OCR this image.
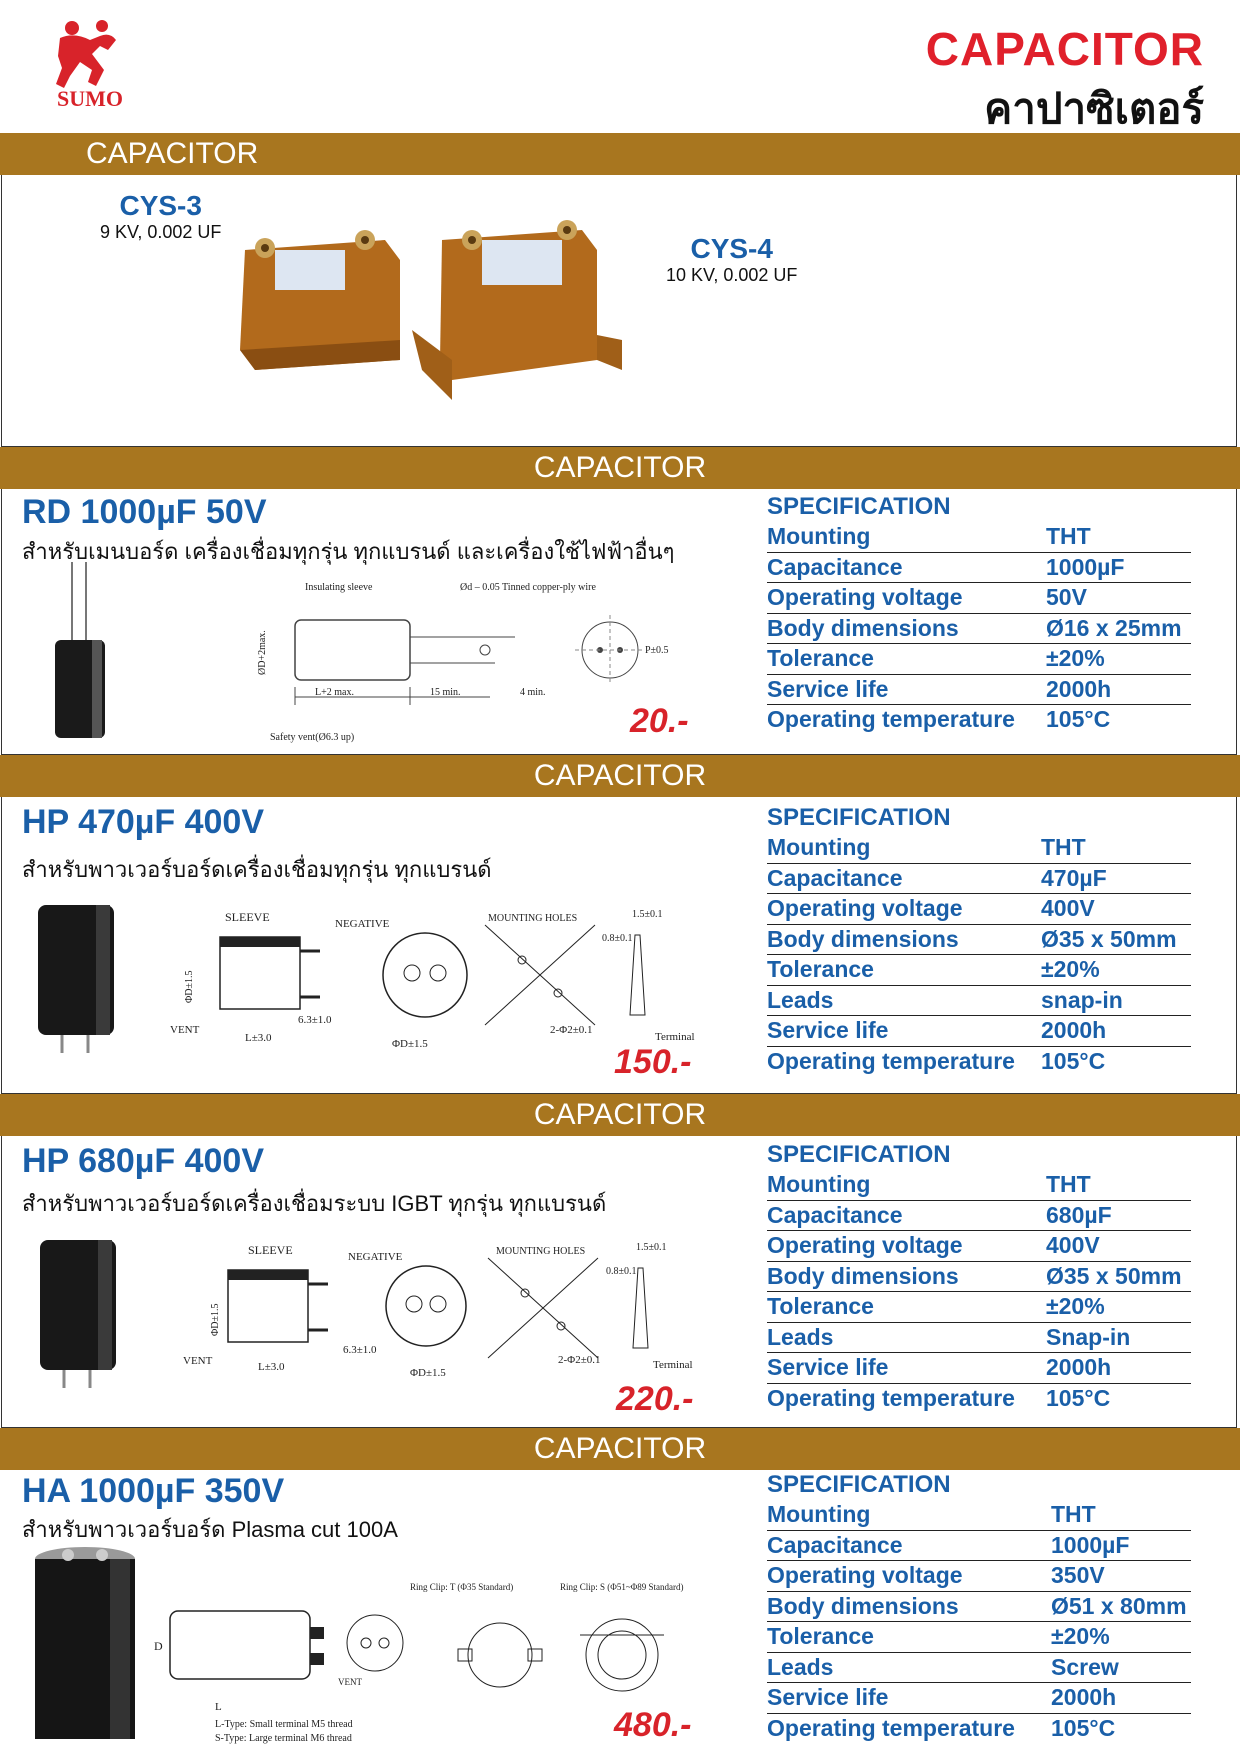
SUMO
CAPACITOR
คาปาซิเตอร์
CAPACITOR
CYS-3
9 KV, 0.002 UF
CYS-4
10 KV, 0.002 UF
CAPACITOR
RD 1000µF 50V
สำหรับเมนบอร์ด เครื่องเชื่อมทุกรุ่น ทุกแบรนด์ และเครื่องใช้ไฟฟ้าอื่นๆ
Insulating sleeve	Ød – 0.05 Tinned copper-ply wire
L+2 max.	15 min.	4 min.
Safety vent(Ø6.3 up)
P±0.5
ØD+2max.
20.-
SPECIFICATION
Mounting	THT
Capacitance	1000µF
Operating voltage	50V
Body dimensions	Ø16 x 25mm
Tolerance	±20%
Service life	2000h
Operating temperature 105°C
CAPACITOR
HP 470µF 400V
สำหรับพาวเวอร์บอร์ดเครื่องเชื่อมทุกรุ่น ทุกแบรนด์
SLEEVE	NEGATIVE	MOUNTING HOLES
VENT
L±3.0
6.3±1.0
ΦD±1.5
2-Φ2±0.1
Terminal
1.5±0.1
0.8±0.1
ΦD±1.5
150.-
SPECIFICATION
Mounting	THT
Capacitance	470µF
Operating voltage	400V
Body dimensions	Ø35 x 50mm
Tolerance	±20%
Leads	snap-in
Service life	2000h
Operating temperature 105°C
CAPACITOR
HP 680µF 400V
สำหรับพาวเวอร์บอร์ดเครื่องเชื่อมระบบ IGBT ทุกรุ่น ทุกแบรนด์
SLEEVE	NEGATIVE	MOUNTING HOLES
VENT	L±3.0
6.3±1.0
ΦD±1.5
2-Φ2±0.1	Terminal
1.5±0.1
0.8±0.1
ΦD±1.5
220.-
SPECIFICATION
Mounting	THT
Capacitance	680µF
Operating voltage	400V
Body dimensions	Ø35 x 50mm
Tolerance	±20%
Leads	Snap-in
Service life	2000h
Operating temperature 105°C
CAPACITOR
HA 1000µF 350V
สำหรับพาวเวอร์บอร์ด Plasma cut 100A
Ring Clip: T (Φ35 Standard)	Ring Clip: S (Φ51~Φ89 Standard)
L
D
VENT
L-Type: Small terminal M5 thread
S-Type: Large terminal M6 thread	480.-
SPECIFICATION
Mounting	THT
Capacitance	1000µF
Operating voltage	350V
Body dimensions	Ø51 x 80mm
Tolerance	±20%
Leads	Screw
Service life	2000h
Operating temperature 105°C
